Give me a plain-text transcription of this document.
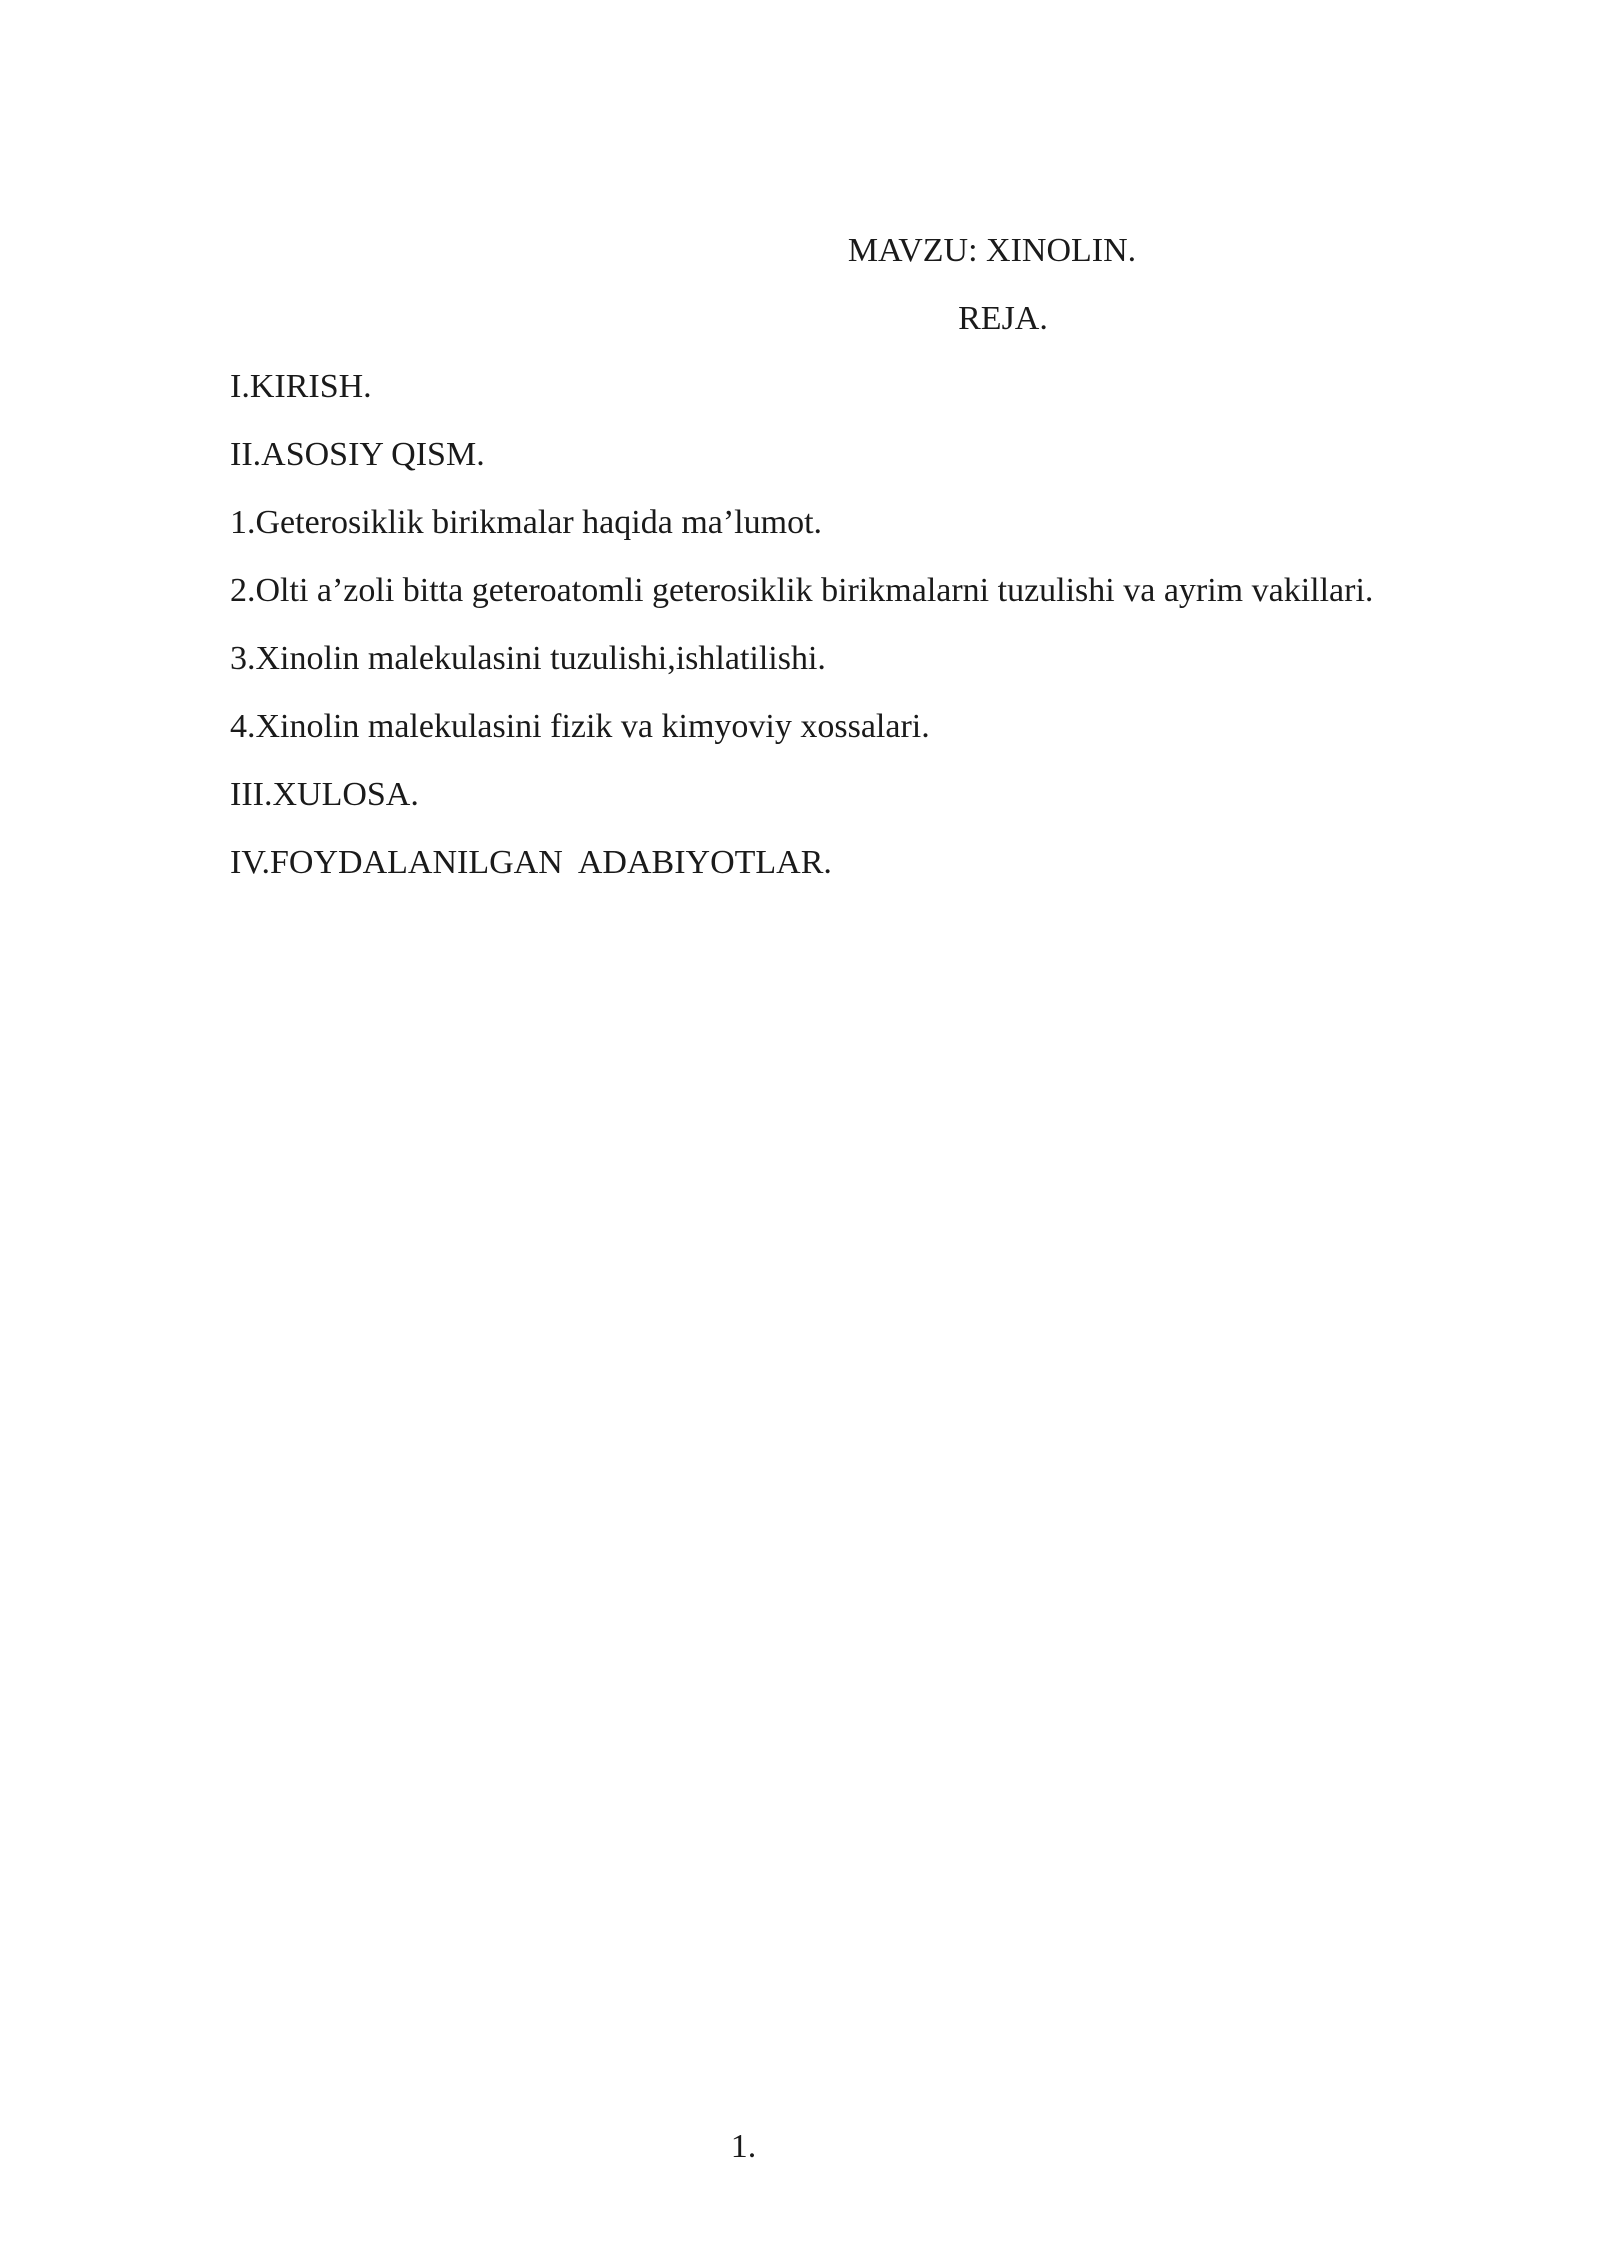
MAVZU: XINOLIN.

REJA.

I.KIRISH.

II.ASOSIY QISM.

1.Geterosiklik birikmalar haqida ma’lumot.

2.Olti a’zoli bitta geteroatomli geterosiklik birikmalarni tuzulishi va ayrim vakillari.

3.Xinolin malekulasini tuzulishi,ishlatilishi.

4.Xinolin malekulasini fizik va kimyoviy xossalari.

III.XULOSA.

IV.FOYDALANILGAN  ADABIYOTLAR.

1.
